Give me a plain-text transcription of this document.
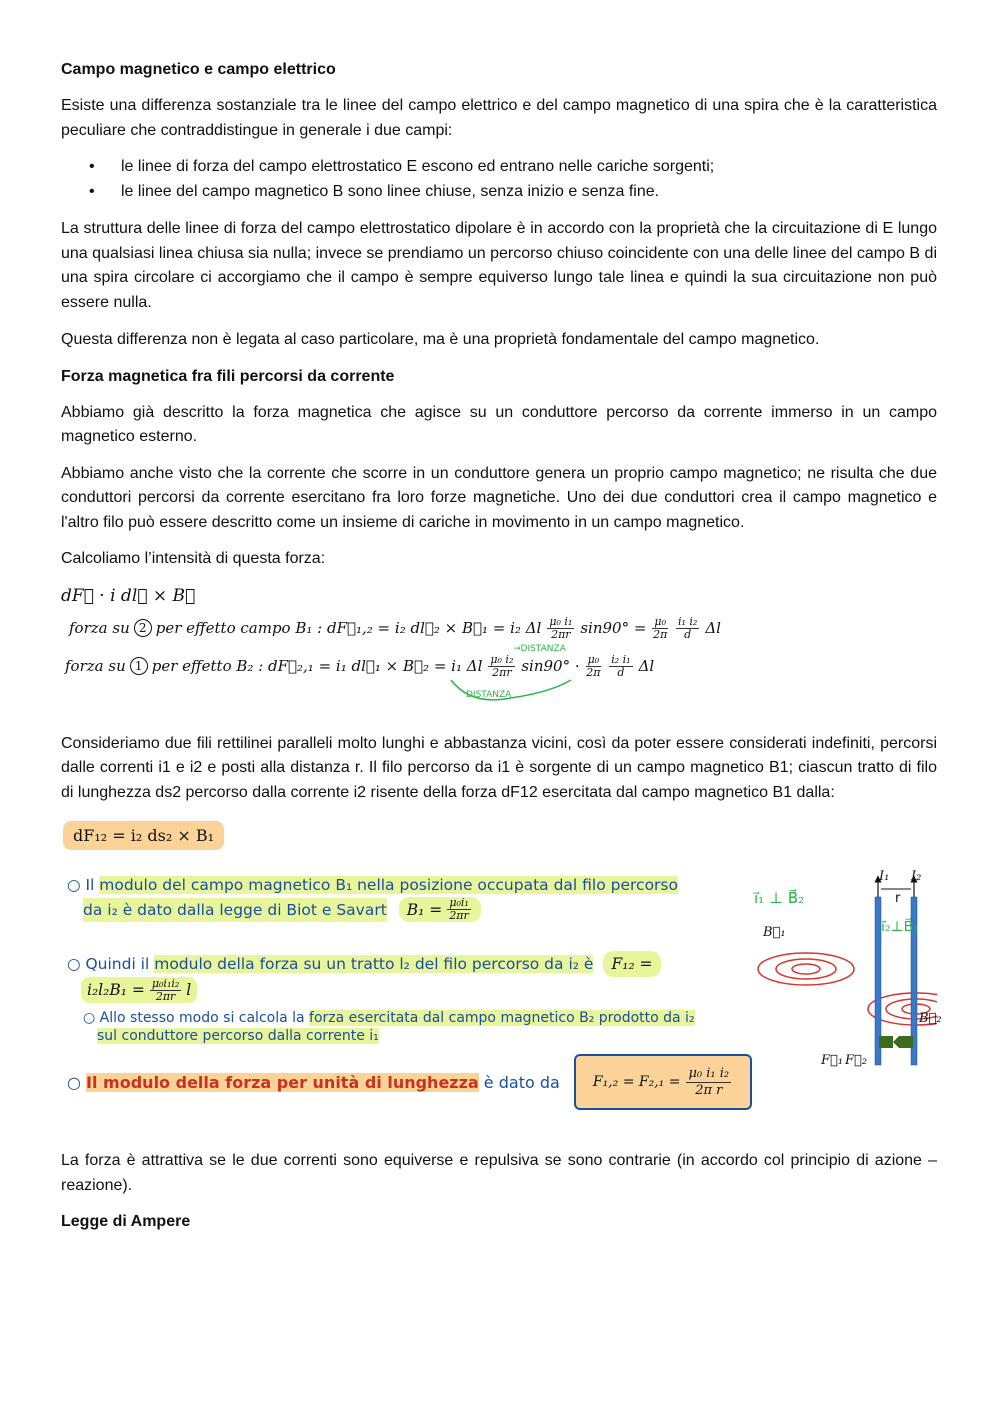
Campo magnetico e campo elettrico

Esiste una differenza sostanziale tra le linee del campo elettrico e del campo magnetico di una spira che è la caratteristica peculiare che contraddistingue in generale i due campi:

• le linee di forza del campo elettrostatico E escono ed entrano nelle cariche sorgenti;
• le linee del campo magnetico B sono linee chiuse, senza inizio e senza fine.

La struttura delle linee di forza del campo elettrostatico dipolare è in accordo con la proprietà che la circuitazione di E lungo una qualsiasi linea chiusa sia nulla; invece se prendiamo un percorso chiuso coincidente con una delle linee del campo B di una spira circolare ci accorgiamo che il campo è sempre equiverso lungo tale linea e quindi la sua circuitazione non può essere nulla.

Questa differenza non è legata al caso particolare, ma è una proprietà fondamentale del campo magnetico.

Forza magnetica fra fili percorsi da corrente

Abbiamo già descritto la forza magnetica che agisce su un conduttore percorso da corrente immerso in un campo magnetico esterno.

Abbiamo anche visto che la corrente che scorre in un conduttore genera un proprio campo magnetico; ne risulta che due conduttori percorsi da corrente esercitano fra loro forze magnetiche. Uno dei due conduttori crea il campo magnetico e l'altro filo può essere descritto come un insieme di cariche in movimento in un campo magnetico.

Calcoliamo l’intensità di questa forza:

dF⃗ · i dl⃗ × B⃗
forza su 2 per effetto campo B₁ : dF⃗₁,₂ = i₂ dl⃗₂ × B⃗₁ = i₂ Δl $\frac{\text{μ₀ i₁}}{2\pi r} \sin 90^\circ = \frac{\text{μ₀}}{2\pi} \frac{\text{i₁ i₂}}{d}$ Δl
→DISTANZA
forza su 1 per effetto B₂ : dF⃗₂,₁ = i₁ dl⃗₁ × B⃗₂ = i₁ Δl $\frac{\text{μ₀ i₂}}{2\pi r} \sin 90^\circ \cdot \frac{\text{μ₀}}{2\pi} \frac{\text{i₂ i₁}}{d}$ Δl
DISTANZA

Consideriamo due fili rettilinei paralleli molto lunghi e abbastanza vicini, così da poter essere considerati indefiniti, percorsi dalle correnti i1 e i2 e posti alla distanza r. Il filo percorso da i1 è sorgente di un campo magnetico B1; ciascun tratto di filo di lunghezza ds2 percorso dalla corrente i2 risente della forza dF12 esercitata dal campo magnetico B1 dalla:

dF₁₂ = i₂ ds₂ × B₁
○ Il modulo del campo magnetico B₁ nella posizione occupata dal filo percorso
da i₂ è dato dalla legge di Biot e Savart $B_1 = \frac{\text{μ₀i₁}}{2\pi r}$
○ Quindi il modulo della forza su un tratto l₂ del filo percorso da i₂ è	F₁₂ =
$i_2l_2B_1 = \frac{\text{μ₀i₁i₂}}{2\pi r}$ l
○ Allo stesso modo si calcola la forza esercitata dal campo magnetico B₂ prodotto da i₂
sul conduttore percorso dalla corrente i₁
○ Il modulo della forza per unità di lunghezza è dato da $F_1,_2 = F_2,_1 = \frac{\text{μ₀ i₁ i₂}}{\text{2π r}}$
I₁ I₂
r
B⃗₁
B⃗₂
F⃗₁ F⃗₂
i⃗₁ ⊥ B⃗₂
i⃗₂⊥B⃗₁

La forza è attrattiva se le due correnti sono equiverse e repulsiva se sono contrarie (in accordo col principio di azione – reazione).

Legge di Ampere
